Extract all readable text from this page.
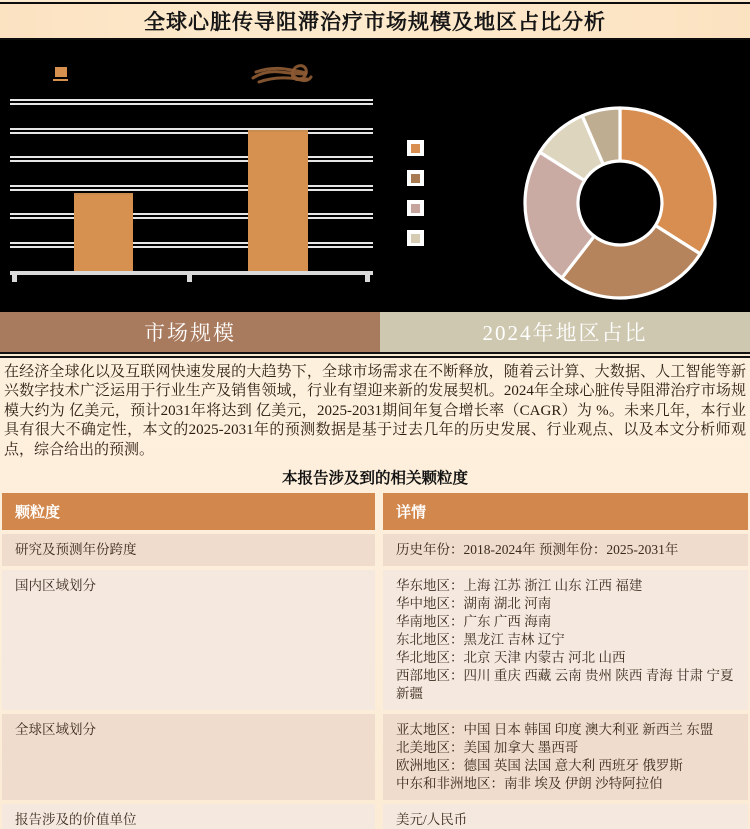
全球心脏传导阻滞治疗市场规模及地区占比分析
市场规模	2024年地区占比
在经济全球化以及互联网快速发展的大趋势下，全球市场需求在不断释放，随着云计算、大数据、人工智能等新兴数字技术广泛运用于行业生产及销售领域，行业有望迎来新的发展契机。2024年全球心脏传导阻滞治疗市场规模大约为 亿美元，预计2031年将达到 亿美元，2025-2031期间年复合增长率（CAGR）为 %。未来几年，本行业具有很大不确定性，本文的2025-2031年的预测数据是基于过去几年的历史发展、行业观点、以及本文分析师观点，综合给出的预测。
本报告涉及到的相关颗粒度
颗粒度	详情
研究及预测年份跨度	历史年份：2018-2024年 预测年份：2025-2031年
国内区域划分	华东地区：上海 江苏 浙江 山东 江西 福建
华中地区：湖南 湖北 河南
华南地区：广东 广西 海南
东北地区：黑龙江 吉林 辽宁
华北地区：北京 天津 内蒙古 河北 山西
西部地区：四川 重庆 西藏 云南 贵州 陕西 青海 甘肃 宁夏 新疆
全球区域划分	亚太地区：中国 日本 韩国 印度 澳大利亚 新西兰 东盟
北美地区：美国 加拿大 墨西哥
欧洲地区：德国 英国 法国 意大利 西班牙 俄罗斯
中东和非洲地区：南非 埃及 伊朗 沙特阿拉伯
报告涉及的价值单位	美元/人民币
